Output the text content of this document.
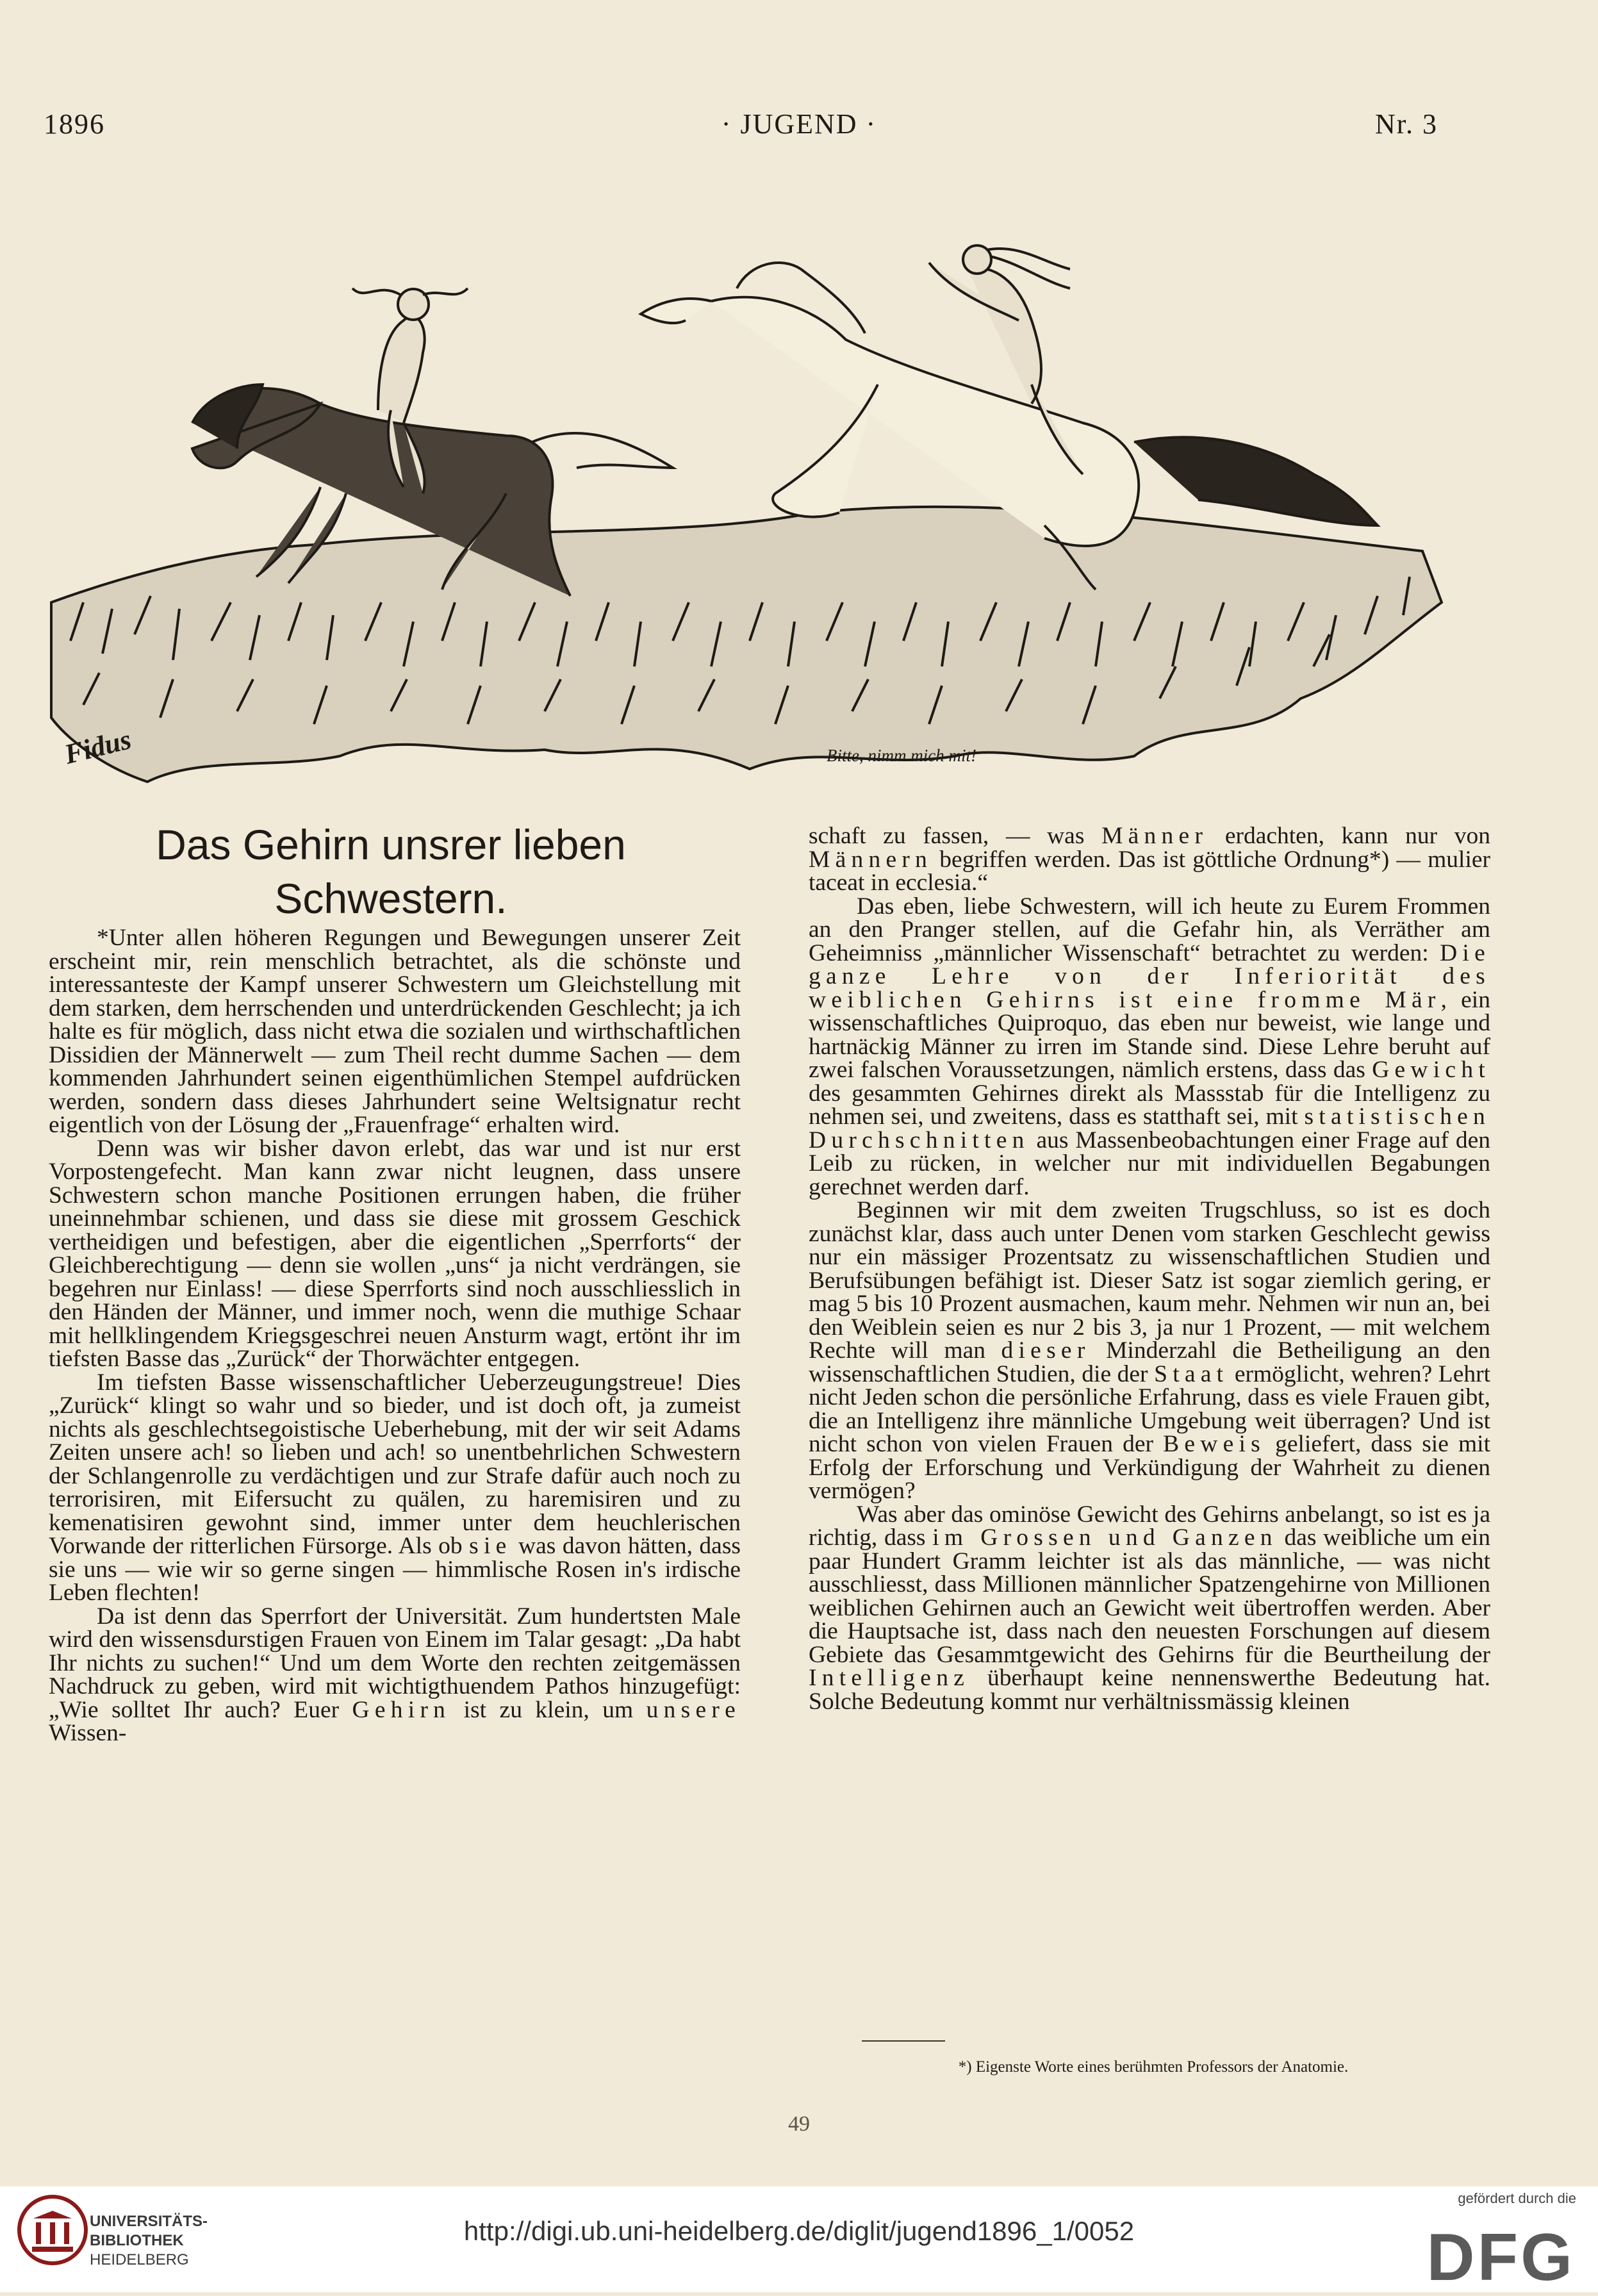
1896	· JUGEND ·	Nr. 3
Fidus	Bitte, nimm mich mit!
Das Gehirn unsrer lieben
Schwestern.

*Unter allen höheren Regungen und Bewegungen unserer Zeit erscheint mir, rein menschlich betrachtet, als die schönste und interessanteste der Kampf unserer Schwestern um Gleichstellung mit dem starken, dem herrschenden und unterdrückenden Geschlecht; ja ich halte es für möglich, dass nicht etwa die sozialen und wirthschaftlichen Dissidien der Männerwelt — zum Theil recht dumme Sachen — dem kommenden Jahrhundert seinen eigenthümlichen Stempel aufdrücken werden, sondern dass dieses Jahrhundert seine Weltsignatur recht eigentlich von der Lösung der „Frauenfrage“ erhalten wird.

Denn was wir bisher davon erlebt, das war und ist nur erst Vorpostengefecht. Man kann zwar nicht leugnen, dass unsere Schwestern schon manche Positionen errungen haben, die früher uneinnehmbar schienen, und dass sie diese mit grossem Geschick vertheidigen und befestigen, aber die eigentlichen „Sperrforts“ der Gleichberechtigung — denn sie wollen „uns“ ja nicht verdrängen, sie begehren nur Einlass! — diese Sperrforts sind noch ausschliesslich in den Händen der Männer, und immer noch, wenn die muthige Schaar mit hellklingendem Kriegsgeschrei neuen Ansturm wagt, ertönt ihr im tiefsten Basse das „Zurück“ der Thorwächter entgegen.

Im tiefsten Basse wissenschaftlicher Ueberzeugungstreue! Dies „Zurück“ klingt so wahr und so bieder, und ist doch oft, ja zumeist nichts als geschlechtsegoistische Ueberhebung, mit der wir seit Adams Zeiten unsere ach! so lieben und ach! so unentbehrlichen Schwestern der Schlangenrolle zu verdächtigen und zur Strafe dafür auch noch zu terrorisiren, mit Eifersucht zu quälen, zu haremisiren und zu kemenatisiren gewohnt sind, immer unter dem heuchlerischen Vorwande der ritterlichen Fürsorge. Als ob sie was davon hätten, dass sie uns — wie wir so gerne singen — himmlische Rosen in's irdische Leben flechten!

Da ist denn das Sperrfort der Universität. Zum hundertsten Male wird den wissensdurstigen Frauen von Einem im Talar gesagt: „Da habt Ihr nichts zu suchen!“ Und um dem Worte den rechten zeitgemässen Nachdruck zu geben, wird mit wichtigthuendem Pathos hinzugefügt: „Wie solltet Ihr auch? Euer Gehirn ist zu klein, um unsere Wissen-

schaft zu fassen, — was Männer erdachten, kann nur von Männern begriffen werden. Das ist göttliche Ordnung*) — mulier taceat in ecclesia.“

Das eben, liebe Schwestern, will ich heute zu Eurem Frommen an den Pranger stellen, auf die Gefahr hin, als Verräther am Geheimniss „männlicher Wissenschaft“ betrachtet zu werden: Die ganze Lehre von der Inferiorität des weiblichen Gehirns ist eine fromme Mär, ein wissenschaftliches Quiproquo, das eben nur beweist, wie lange und hartnäckig Männer zu irren im Stande sind. Diese Lehre beruht auf zwei falschen Voraussetzungen, nämlich erstens, dass das Gewicht des gesammten Gehirnes direkt als Massstab für die Intelligenz zu nehmen sei, und zweitens, dass es statthaft sei, mit statistischen Durchschnitten aus Massenbeobachtungen einer Frage auf den Leib zu rücken, in welcher nur mit individuellen Begabungen gerechnet werden darf.

Beginnen wir mit dem zweiten Trugschluss, so ist es doch zunächst klar, dass auch unter Denen vom starken Geschlecht gewiss nur ein mässiger Prozentsatz zu wissenschaftlichen Studien und Berufsübungen befähigt ist. Dieser Satz ist sogar ziemlich gering, er mag 5 bis 10 Prozent ausmachen, kaum mehr. Nehmen wir nun an, bei den Weiblein seien es nur 2 bis 3, ja nur 1 Prozent, — mit welchem Rechte will man dieser Minderzahl die Betheiligung an den wissenschaftlichen Studien, die der Staat ermöglicht, wehren? Lehrt nicht Jeden schon die persönliche Erfahrung, dass es viele Frauen gibt, die an Intelligenz ihre männliche Umgebung weit überragen? Und ist nicht schon von vielen Frauen der Beweis geliefert, dass sie mit Erfolg der Erforschung und Verkündigung der Wahrheit zu dienen vermögen?

Was aber das ominöse Gewicht des Gehirns anbelangt, so ist es ja richtig, dass im Grossen und Ganzen das weibliche um ein paar Hundert Gramm leichter ist als das männliche, — was nicht ausschliesst, dass Millionen männlicher Spatzengehirne von Millionen weiblichen Gehirnen auch an Gewicht weit übertroffen werden. Aber die Hauptsache ist, dass nach den neuesten Forschungen auf diesem Gebiete das Gesammtgewicht des Gehirns für die Beurtheilung der Intelligenz überhaupt keine nennenswerthe Bedeutung hat. Solche Bedeutung kommt nur verhältnissmässig kleinen

*) Eigenste Worte eines berühmten Professors der Anatomie.
49
UNIVERSITÄTS-
BIBLIOTHEK
HEIDELBERG
http://digi.ub.uni-heidelberg.de/diglit/jugend1896_1/0052
gefördert durch die
DFG
